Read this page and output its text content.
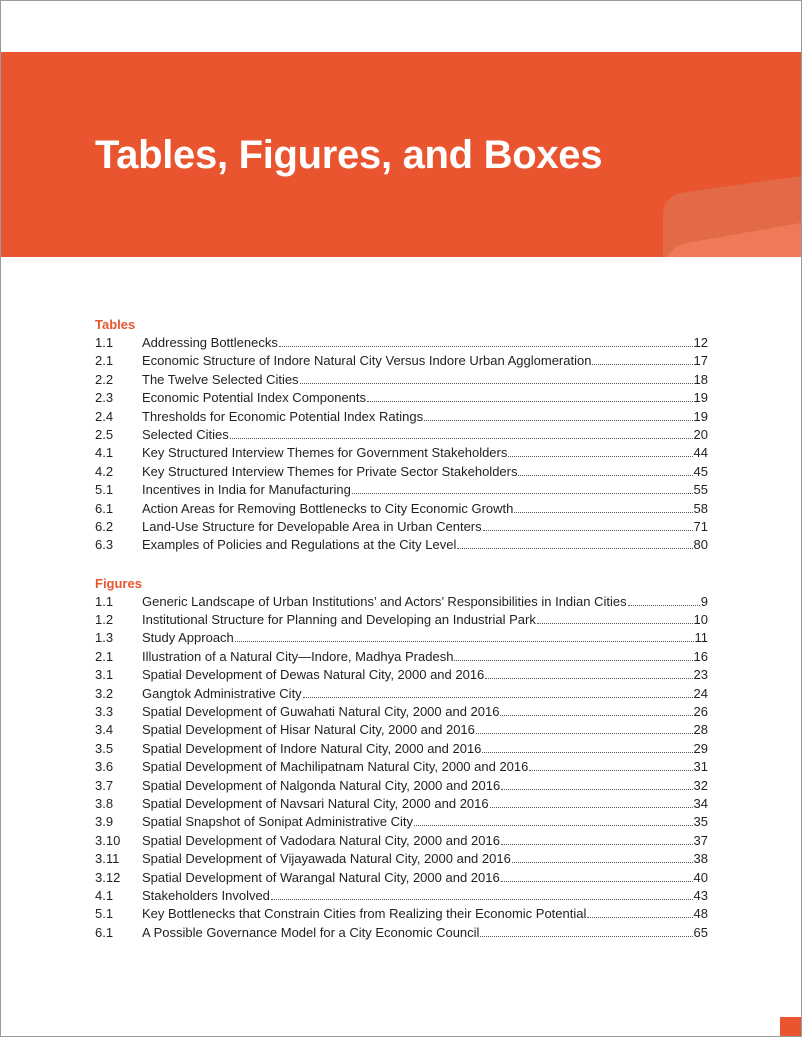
Tables, Figures, and Boxes
Tables
1.1	Addressing Bottlenecks	12
2.1	Economic Structure of Indore Natural City Versus Indore Urban Agglomeration	17
2.2	The Twelve Selected Cities	18
2.3	Economic Potential Index Components	19
2.4	Thresholds for Economic Potential Index Ratings	19
2.5	Selected Cities	20
4.1	Key Structured Interview Themes for Government Stakeholders	44
4.2	Key Structured Interview Themes for Private Sector Stakeholders	45
5.1	Incentives in India for Manufacturing	55
6.1	Action Areas for Removing Bottlenecks to City Economic Growth	58
6.2	Land-Use Structure for Developable Area in Urban Centers	71
6.3	Examples of Policies and Regulations at the City Level	80
Figures
1.1	Generic Landscape of Urban Institutions’ and Actors’ Responsibilities in Indian Cities	9
1.2	Institutional Structure for Planning and Developing an Industrial Park	10
1.3	Study Approach	11
2.1	Illustration of a Natural City—Indore, Madhya Pradesh	16
3.1	Spatial Development of Dewas Natural City, 2000 and 2016	23
3.2	Gangtok Administrative City	24
3.3	Spatial Development of Guwahati Natural City, 2000 and 2016	26
3.4	Spatial Development of Hisar Natural City, 2000 and 2016	28
3.5	Spatial Development of Indore Natural City, 2000 and 2016	29
3.6	Spatial Development of Machilipatnam Natural City, 2000 and 2016	31
3.7	Spatial Development of Nalgonda Natural City, 2000 and 2016	32
3.8	Spatial Development of Navsari Natural City, 2000 and 2016	34
3.9	Spatial Snapshot of Sonipat Administrative City	35
3.10	Spatial Development of Vadodara Natural City, 2000 and 2016	37
3.11	Spatial Development of Vijayawada Natural City, 2000 and 2016	38
3.12	Spatial Development of Warangal Natural City, 2000 and 2016	40
4.1	Stakeholders Involved	43
5.1	Key Bottlenecks that Constrain Cities from Realizing their Economic Potential	48
6.1	A Possible Governance Model for a City Economic Council	65
